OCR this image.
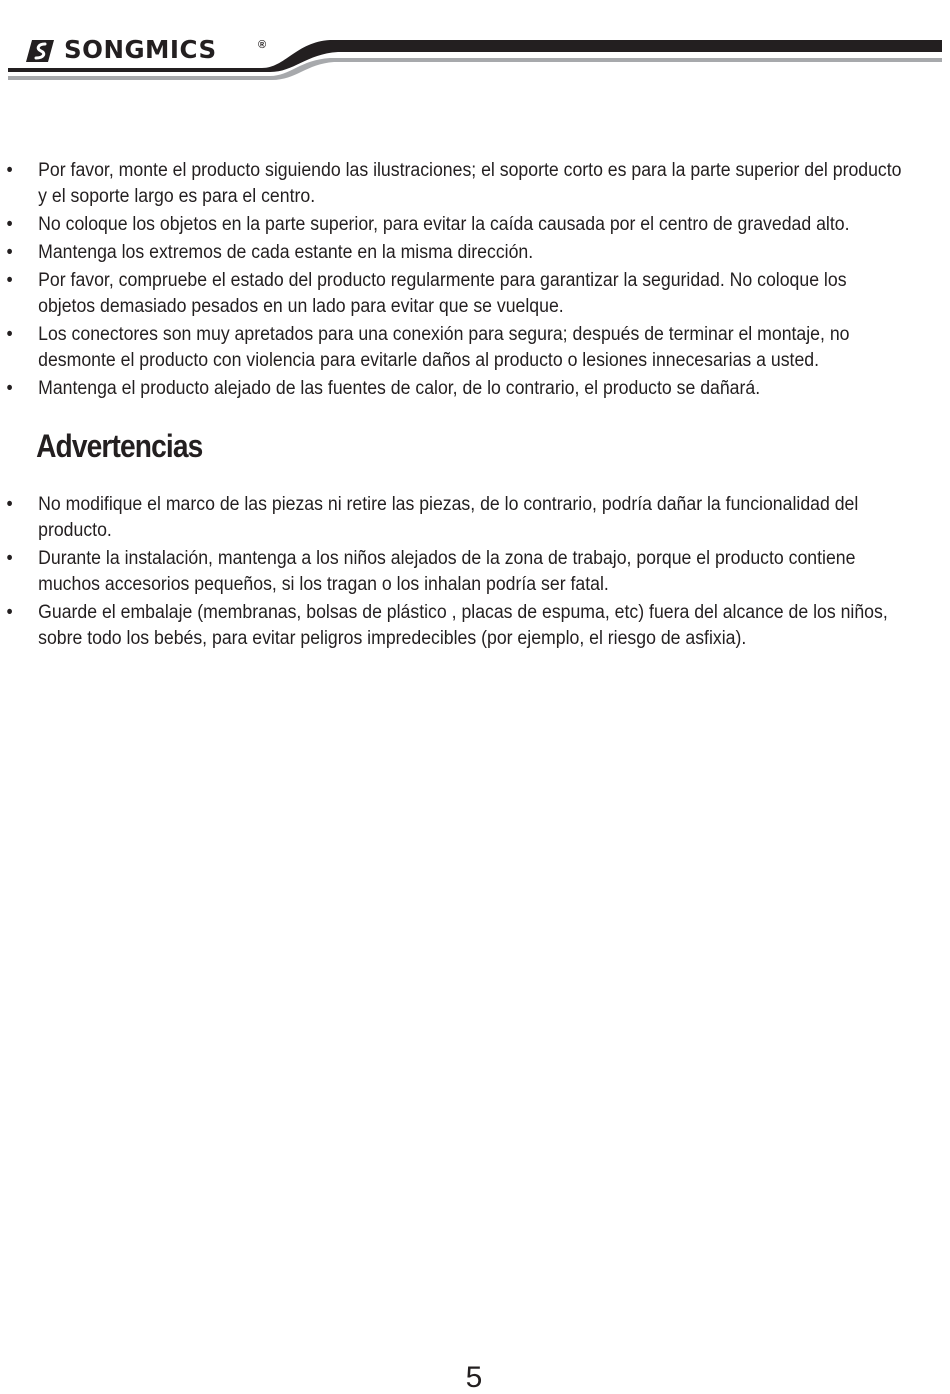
SONGMICS	®
• Por favor, monte el producto siguiendo las ilustraciones; el soporte corto es para la parte superior del producto y el soporte largo es para el centro.
• No coloque los objetos en la parte superior, para evitar la caída causada por el centro de gravedad alto.
• Mantenga los extremos de cada estante en la misma dirección.
• Por favor, compruebe el estado del producto regularmente para garantizar la seguridad. No coloque los objetos demasiado pesados en un lado para evitar que se vuelque.
• Los conectores son muy apretados para una conexión para segura; después de terminar el montaje, no desmonte el producto con violencia para evitarle daños al producto o lesiones innecesarias a usted.
• Mantenga el producto alejado de las fuentes de calor, de lo contrario, el producto se dañará.
Advertencias
• No modifique el marco de las piezas ni retire las piezas, de lo contrario, podría dañar la funcionalidad del producto.
• Durante la instalación, mantenga a los niños alejados de la zona de trabajo, porque el producto contiene muchos accesorios pequeños, si los tragan o los inhalan podría ser fatal.
• Guarde el embalaje (membranas, bolsas de plástico , placas de espuma, etc) fuera del alcance de los niños, sobre todo los bebés, para evitar peligros impredecibles (por ejemplo, el riesgo de asfixia).
5
